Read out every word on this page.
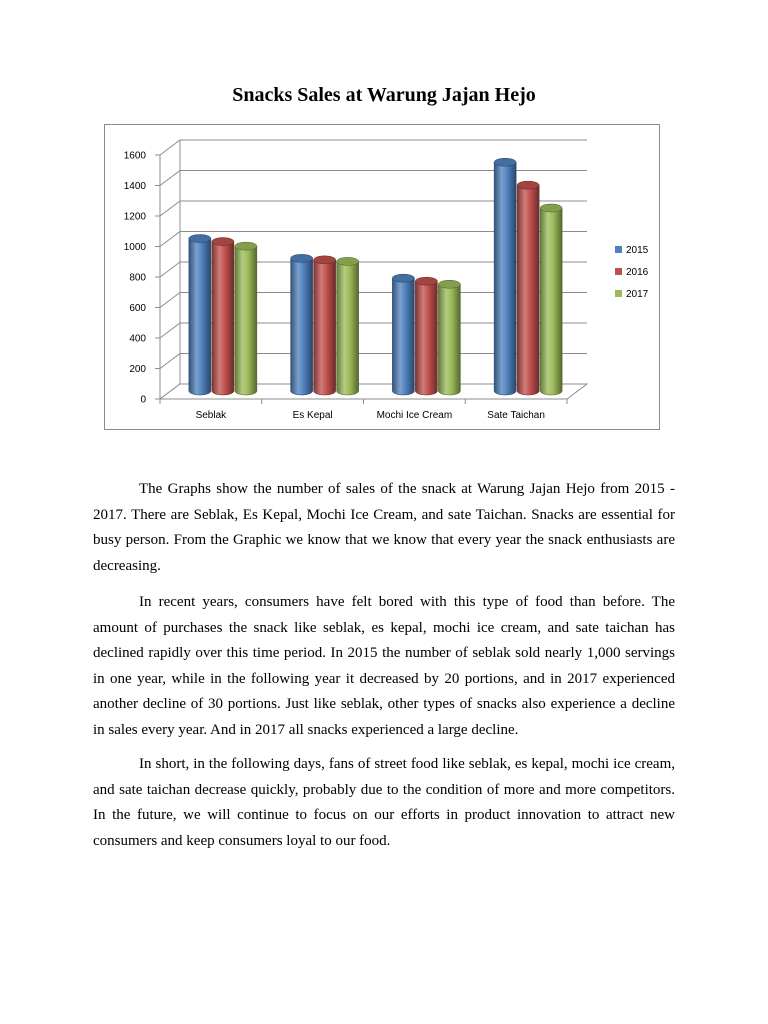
Snacks Sales at Warung Jajan Hejo
0
200
400
600
800
1000
1200
1400
1600
Seblak	Es Kepal	Mochi Ice Cream	Sate Taichan
2015
2016
2017

The Graphs show the number of sales of the snack at Warung Jajan Hejo from 2015 - 2017. There are Seblak, Es Kepal, Mochi Ice Cream, and sate Taichan. Snacks are essential for busy person. From the Graphic we know that we know that every year the snack enthusiasts are decreasing.

In recent years, consumers have felt bored with this type of food than before. The amount of purchases the snack like seblak, es kepal, mochi ice cream, and sate taichan has declined rapidly over this time period. In 2015 the number of seblak sold nearly 1,000 servings in one year, while in the following year it decreased by 20 portions, and in 2017 experienced another decline of 30 portions. Just like seblak, other types of snacks also experience a decline in sales every year. And in 2017 all snacks experienced a large decline.

In short, in the following days, fans of street food like seblak, es kepal, mochi ice cream, and sate taichan decrease quickly, probably due to the condition of more and more competitors. In the future, we will continue to focus on our efforts in product innovation to attract new consumers and keep consumers loyal to our food.
